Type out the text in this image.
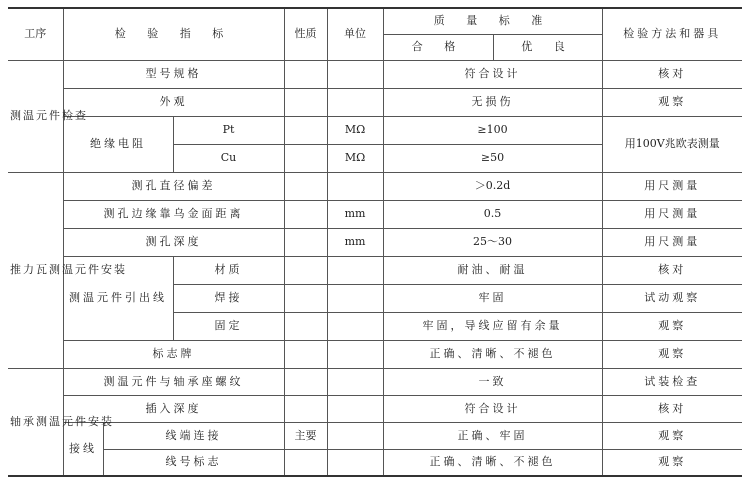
工序	检 验 指 标			性质	单位	质 量 标 准		检验方法和器具
						合 格	优 良	
测温元件检查	型号规格					符合设计		核对
	外观					无损伤		观察
	绝缘电阻		Pt		MΩ	≥100		用100V兆欧表测量
			Cu		MΩ	≥50		
推力瓦测温元件安装	测孔直径偏差					＞0.2d		用尺测量
	测孔边缘靠乌金面距离				mm	0.5		用尺测量
	测孔深度				mm	25～30		用尺测量
	测温元件引出线		材质			耐油、耐温		核对
			焊接			牢固		试动观察
			固定			牢固，导线应留有余量		观察
	标志牌					正确、清晰、不褪色		观察
轴承测温元件安装	测温元件与轴承座螺纹					一致		试装检查
	插入深度					符合设计		核对
	接线	线端连接		主要		正确、牢固		观察
		线号标志				正确、清晰、不褪色		观察
